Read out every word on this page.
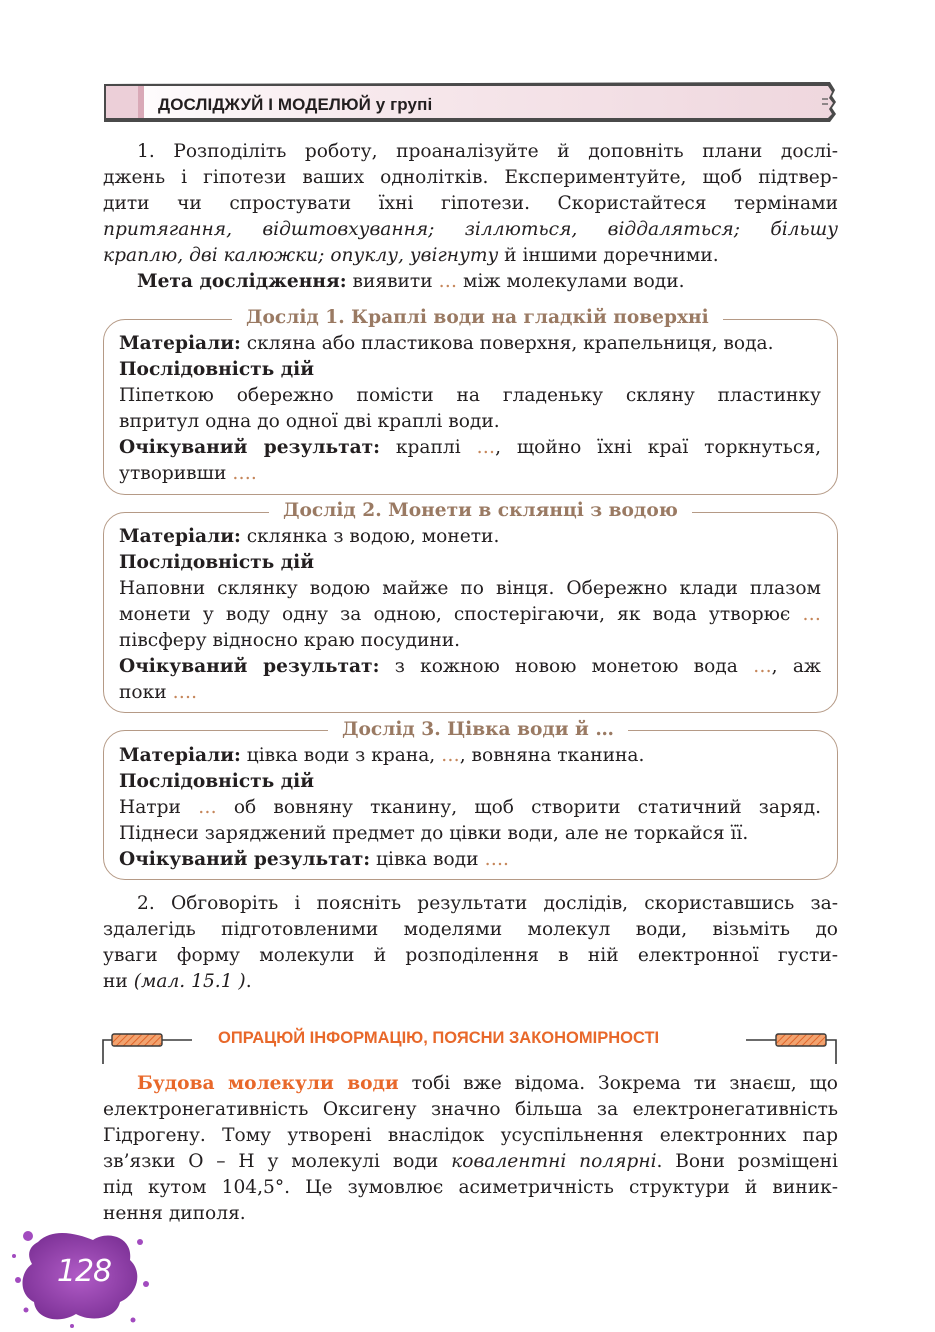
ДОСЛІДЖУЙ І МОДЕЛЮЙ у групі
1. Розподіліть роботу, проаналізуйте й доповніть плани дослі-
джень і гіпотези ваших однолітків. Експериментуйте, щоб підтвер-
дити чи спростувати їхні гіпотези. Скористайтеся термінами
притягання, відштовхування; зіллються, віддаляться; більшу
краплю, дві калюжки; опуклу, увігнуту й іншими доречними.
Мета дослідження: виявити … між молекулами води.
Дослід 1. Краплі води на гладкій поверхні
Матеріали: скляна або пластикова поверхня, крапельниця, вода.
Послідовність дій
Піпеткою обережно помісти на гладеньку скляну пластинку
впритул одна до одної дві краплі води.
Очікуваний результат: краплі …, щойно їхні краї торкнуться,
утворивши ….
Дослід 2. Монети в склянці з водою
Матеріали: склянка з водою, монети.
Послідовність дій
Наповни склянку водою майже по вінця. Обережно клади плазом
монети у воду одну за одною, спостерігаючи, як вода утворює …
півсферу відносно краю посудини.
Очікуваний результат: з кожною новою монетою вода …, аж
поки ….
Дослід 3. Цівка води й …
Матеріали: цівка води з крана, …, вовняна тканина.
Послідовність дій
Натри … об вовняну тканину, щоб створити статичний заряд.
Піднеси заряджений предмет до цівки води, але не торкайся її.
Очікуваний результат: цівка води ….
2. Обговоріть і поясніть результати дослідів, скориставшись за-
здалегідь підготовленими моделями молекул води, візьміть до
уваги форму молекули й розподілення в ній електронної густи-
ни (мал. 15.1 ).
ОПРАЦЮЙ ІНФОРМАЦІЮ, ПОЯСНИ ЗАКОНОМІРНОСТІ
Будова молекули води тобі вже відома. Зокрема ти знаєш, що
електронегативність Оксигену значно більша за електронегативність
Гідрогену. Тому утворені внаслідок усуспільнення електронних пар
зв’язки О – Н у молекулі води ковалентні полярні. Вони розміщені
під кутом 104,5°. Це зумовлює асиметричність структури й виник-
нення диполя.
128
